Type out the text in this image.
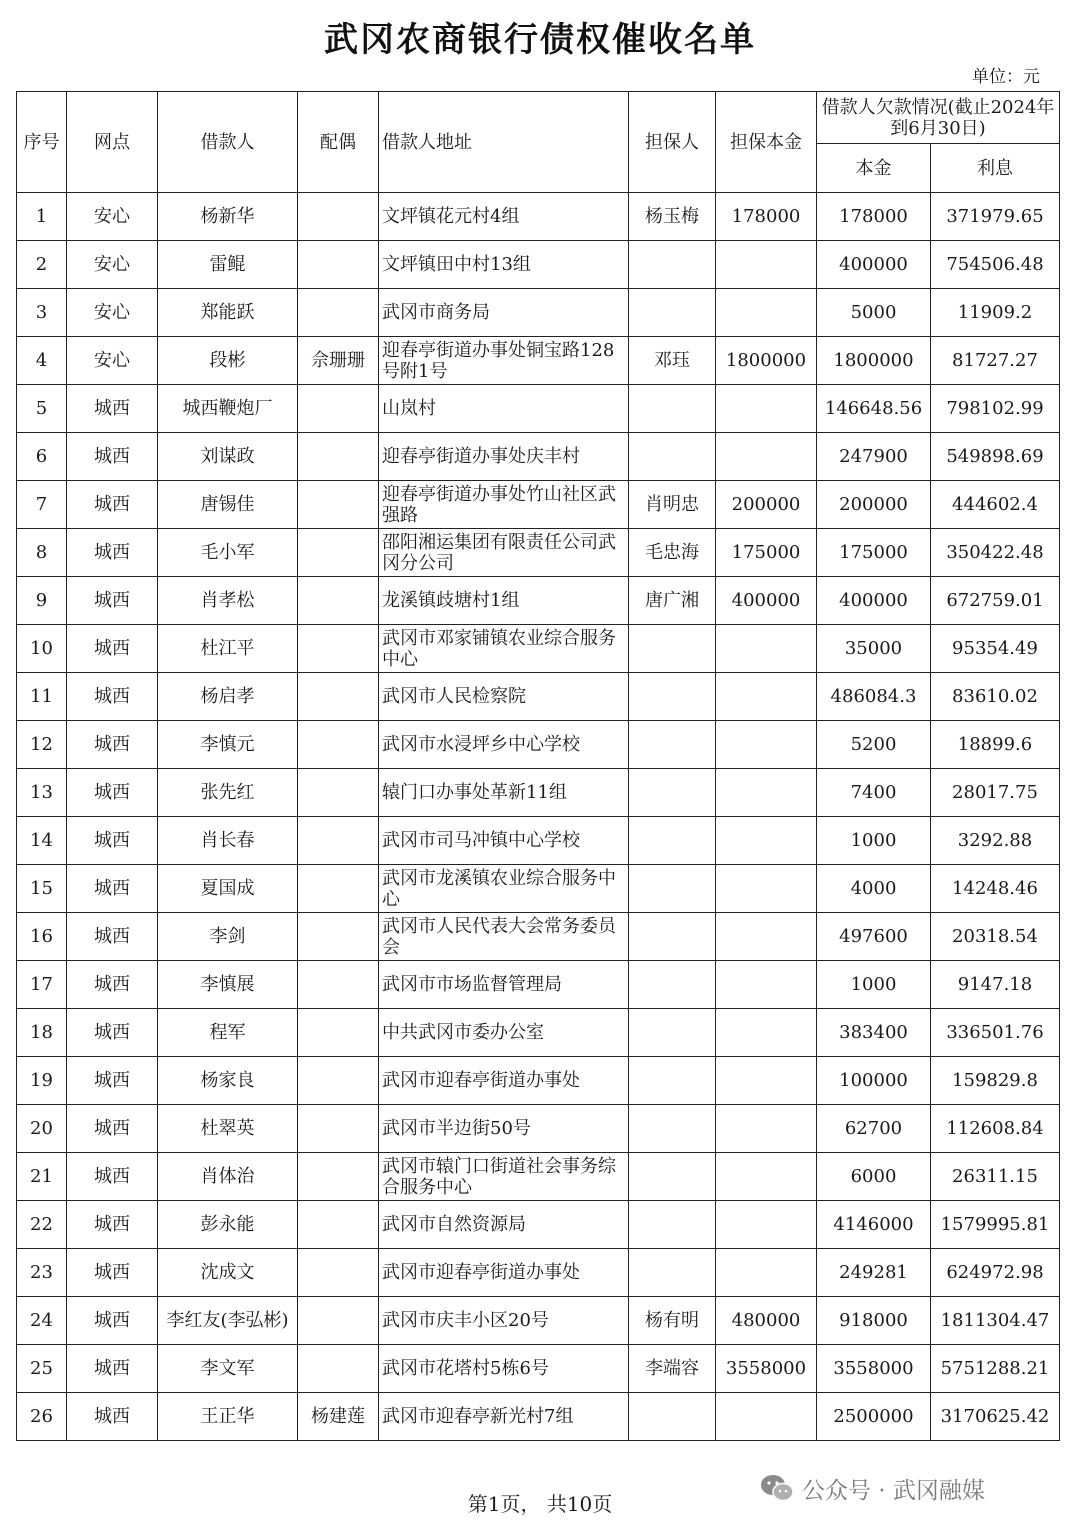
武冈农商银行债权催收名单
单位：元
序号	网点	借款人	配偶	借款人地址	担保人	担保本金	借款人欠款情况(截止2024年到6月30日)	
							本金	利息
1	安心	杨新华		文坪镇花元村4组	杨玉梅	178000	178000	371979.65
2	安心	雷鲲		文坪镇田中村13组			400000	754506.48
3	安心	郑能跃		武冈市商务局			5000	11909.2
4	安心	段彬	佘珊珊	迎春亭街道办事处铜宝路128号附1号	邓珏	1800000	1800000	81727.27
5	城西	城西鞭炮厂		山岚村			146648.56	798102.99
6	城西	刘谋政		迎春亭街道办事处庆丰村			247900	549898.69
7	城西	唐锡佳		迎春亭街道办事处竹山社区武强路	肖明忠	200000	200000	444602.4
8	城西	毛小军		邵阳湘运集团有限责任公司武冈分公司	毛忠海	175000	175000	350422.48
9	城西	肖孝松		龙溪镇歧塘村1组	唐广湘	400000	400000	672759.01
10	城西	杜江平		武冈市邓家铺镇农业综合服务中心			35000	95354.49
11	城西	杨启孝		武冈市人民检察院			486084.3	83610.02
12	城西	李慎元		武冈市水浸坪乡中心学校			5200	18899.6
13	城西	张先红		辕门口办事处革新11组			7400	28017.75
14	城西	肖长春		武冈市司马冲镇中心学校			1000	3292.88
15	城西	夏国成		武冈市龙溪镇农业综合服务中心			4000	14248.46
16	城西	李剑		武冈市人民代表大会常务委员会			497600	20318.54
17	城西	李慎展		武冈市市场监督管理局			1000	9147.18
18	城西	程军		中共武冈市委办公室			383400	336501.76
19	城西	杨家良		武冈市迎春亭街道办事处			100000	159829.8
20	城西	杜翠英		武冈市半边街50号			62700	112608.84
21	城西	肖体治		武冈市辕门口街道社会事务综合服务中心			6000	26311.15
22	城西	彭永能		武冈市自然资源局			4146000	1579995.81
23	城西	沈成文		武冈市迎春亭街道办事处			249281	624972.98
24	城西	李红友(李弘彬)		武冈市庆丰小区20号	杨有明	480000	918000	1811304.47
25	城西	李文军		武冈市花塔村5栋6号	李端容	3558000	3558000	5751288.21
26	城西	王正华	杨建莲	武冈市迎春亭新光村7组			2500000	3170625.42
第1页， 共10页
公众号 · 武冈融媒
